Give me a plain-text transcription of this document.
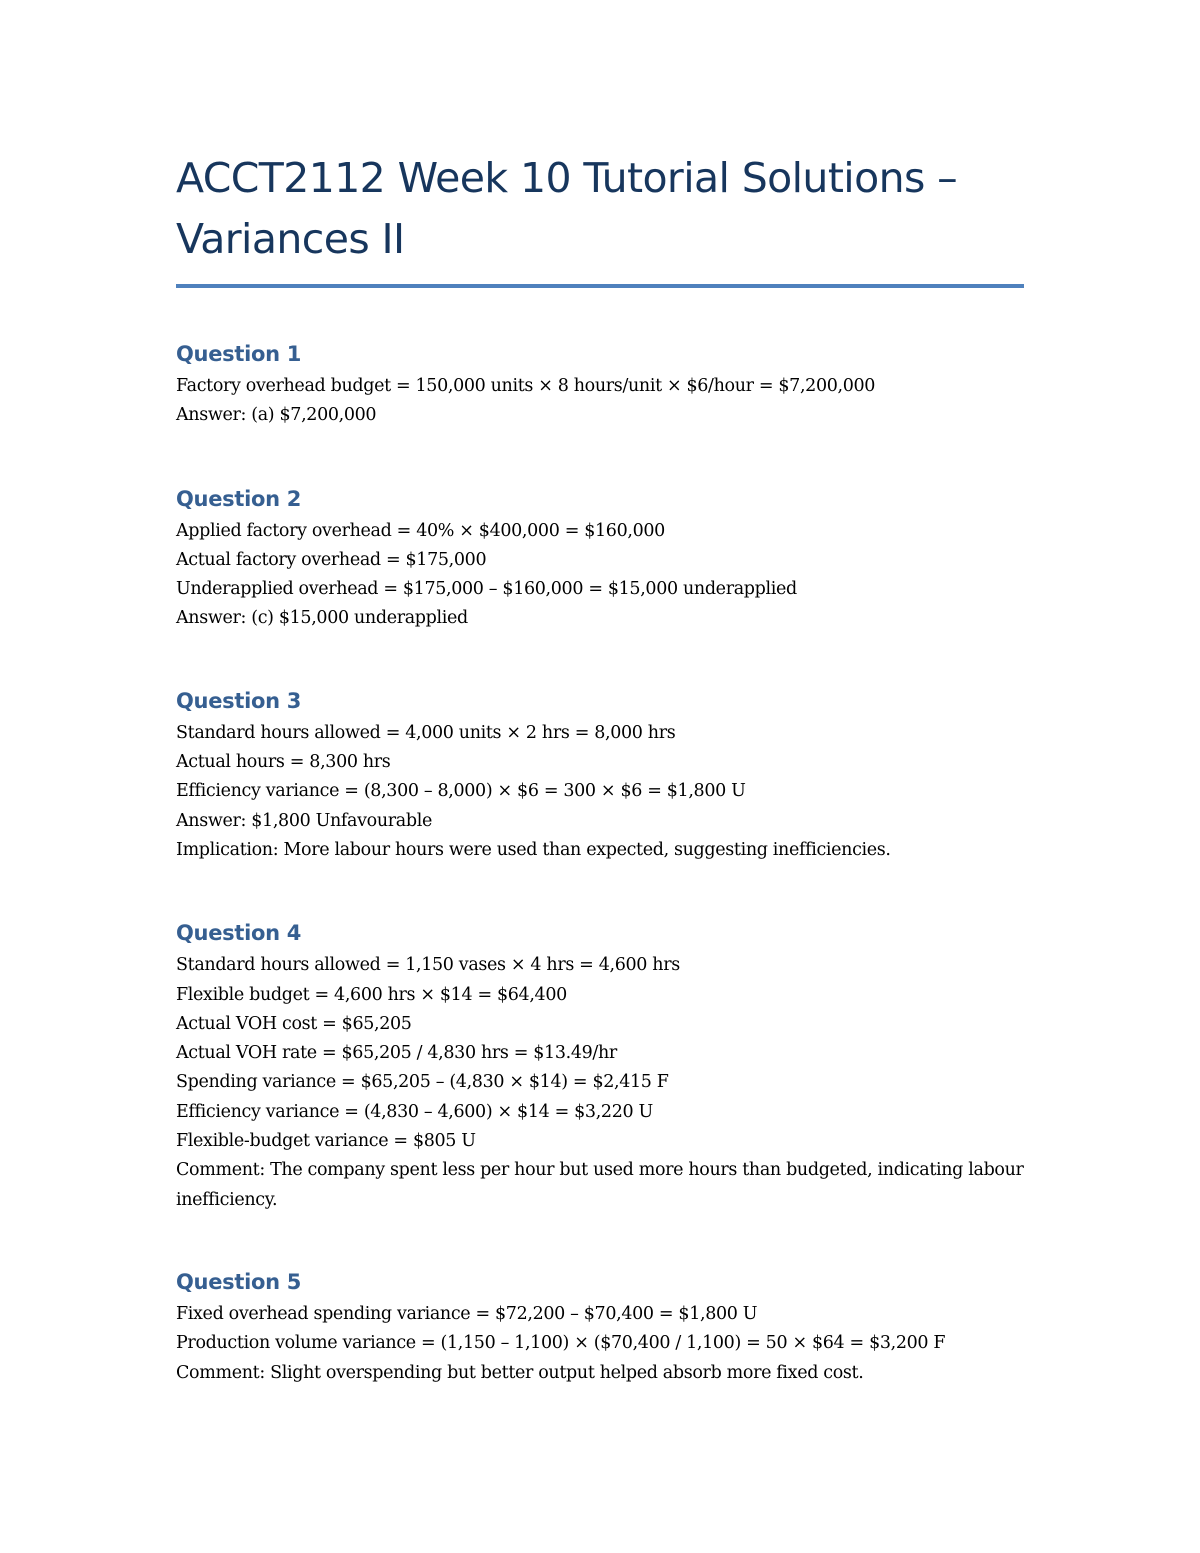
ACCT2112 Week 10 Tutorial Solutions – Variances II
Question 1

Factory overhead budget = 150,000 units × 8 hours/unit × $6/hour = $7,200,000

Answer: (a) $7,200,000

Question 2

Applied factory overhead = 40% × $400,000 = $160,000

Actual factory overhead = $175,000

Underapplied overhead = $175,000 – $160,000 = $15,000 underapplied

Answer: (c) $15,000 underapplied

Question 3

Standard hours allowed = 4,000 units × 2 hrs = 8,000 hrs

Actual hours = 8,300 hrs

Efficiency variance = (8,300 – 8,000) × $6 = 300 × $6 = $1,800 U

Answer: $1,800 Unfavourable

Implication: More labour hours were used than expected, suggesting inefficiencies.

Question 4

Standard hours allowed = 1,150 vases × 4 hrs = 4,600 hrs

Flexible budget = 4,600 hrs × $14 = $64,400

Actual VOH cost = $65,205

Actual VOH rate = $65,205 / 4,830 hrs = $13.49/hr

Spending variance = $65,205 – (4,830 × $14) = $2,415 F

Efficiency variance = (4,830 – 4,600) × $14 = $3,220 U

Flexible-budget variance = $805 U

Comment: The company spent less per hour but used more hours than budgeted, indicating labour inefficiency.

Question 5

Fixed overhead spending variance = $72,200 – $70,400 = $1,800 U

Production volume variance = (1,150 – 1,100) × ($70,400 / 1,100) = 50 × $64 = $3,200 F

Comment: Slight overspending but better output helped absorb more fixed cost.
